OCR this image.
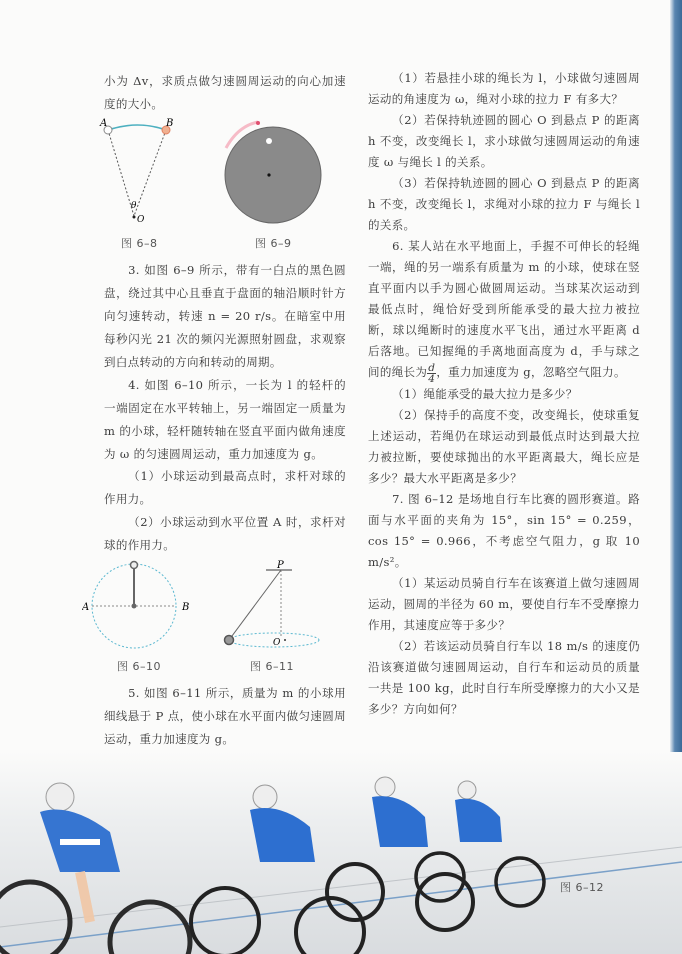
小为 Δv，求质点做匀速圆周运动的向心加速度的大小。

3. 如图 6–9 所示，带有一白点的黑色圆盘，绕过其中心且垂直于盘面的轴沿顺时针方向匀速转动，转速 n = 20 r/s。在暗室中用每秒闪光 21 次的频闪光源照射圆盘，求观察到白点转动的方向和转动的周期。

4. 如图 6–10 所示，一长为 l 的轻杆的一端固定在水平转轴上，另一端固定一质量为 m 的小球，轻杆随转轴在竖直平面内做角速度为 ω 的匀速圆周运动，重力加速度为 g。

（1）小球运动到最高点时，求杆对球的作用力。

（2）小球运动到水平位置 A 时，求杆对球的作用力。

5. 如图 6–11 所示，质量为 m 的小球用细线悬于 P 点，使小球在水平面内做匀速圆周运动，重力加速度为 g。

A	B
θ
O
图 6–8	图 6–9
A	B
图 6–10
P
O
图 6–11

（1）若悬挂小球的绳长为 l，小球做匀速圆周运动的角速度为 ω，绳对小球的拉力 F 有多大？

（2）若保持轨迹圆的圆心 O 到悬点 P 的距离 h 不变，改变绳长 l，求小球做匀速圆周运动的角速度 ω 与绳长 l 的关系。

（3）若保持轨迹圆的圆心 O 到悬点 P 的距离 h 不变，改变绳长 l，求绳对小球的拉力 F 与绳长 l 的关系。

6. 某人站在水平地面上，手握不可伸长的轻绳一端，绳的另一端系有质量为 m 的小球，使球在竖直平面内以手为圆心做圆周运动。当球某次运动到最低点时，绳恰好受到所能承受的最大拉力被拉断，球以绳断时的速度水平飞出，通过水平距离 d 后落地。已知握绳的手离地面高度为 d，手与球之间的绳长为 $\frac{d}{4}$ ，重力加速度为 g，忽略空气阻力。

（1）绳能承受的最大拉力是多少？

（2）保持手的高度不变，改变绳长，使球重复上述运动，若绳仍在球运动到最低点时达到最大拉力被拉断，要使球抛出的水平距离最大，绳长应是多少？最大水平距离是多少？

7. 图 6–12 是场地自行车比赛的圆形赛道。路面与水平面的夹角为 15°，sin 15° = 0.259，cos 15° = 0.966，不考虑空气阻力，g 取 10 m/s²。

（1）某运动员骑自行车在该赛道上做匀速圆周运动，圆周的半径为 60 m，要使自行车不受摩擦力作用，其速度应等于多少？

（2）若该运动员骑自行车以 18 m/s 的速度仍沿该赛道做匀速圆周运动，自行车和运动员的质量一共是 100 kg，此时自行车所受摩擦力的大小又是多少？方向如何？

图 6–12
